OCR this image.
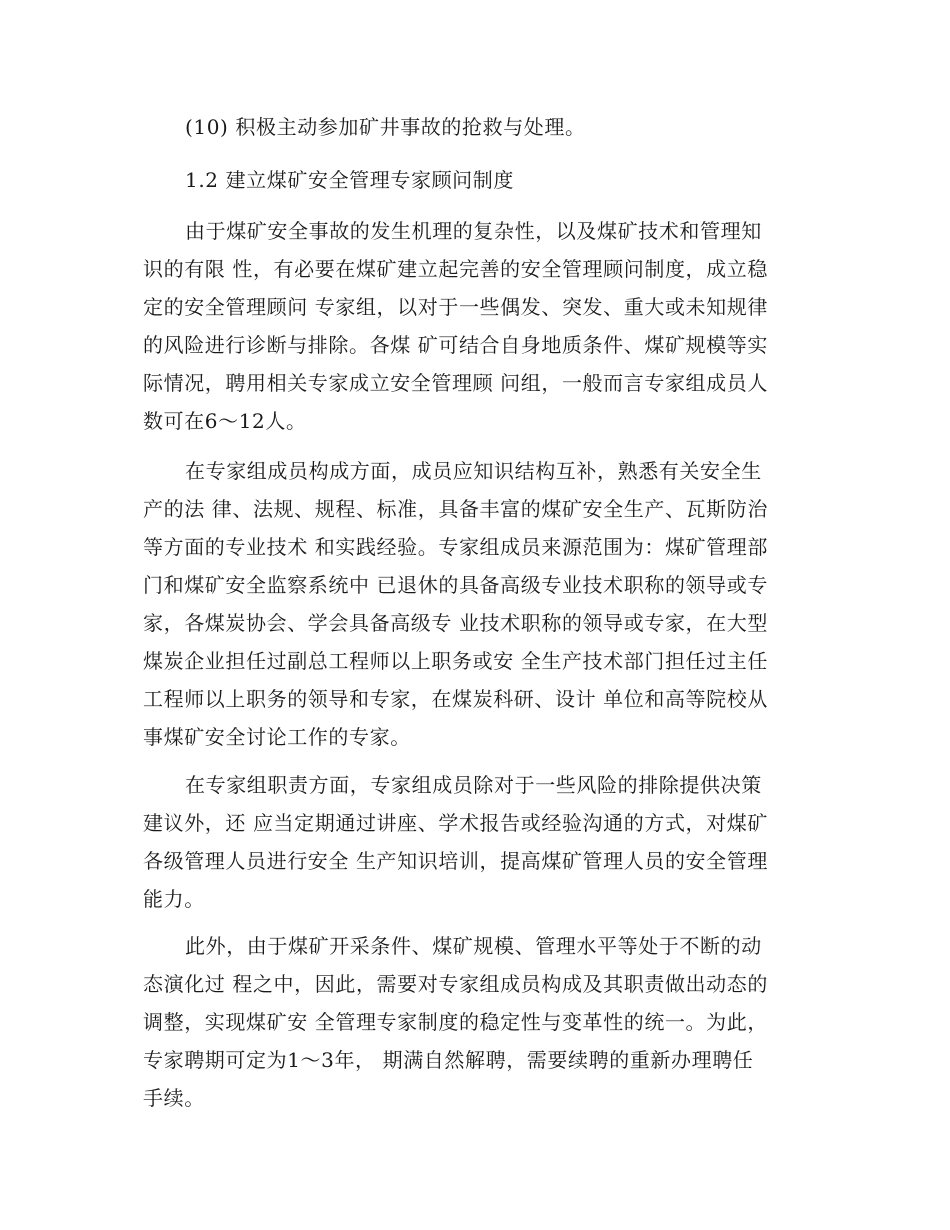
(10) 积极主动参加矿井事故的抢救与处理。
1.2 建立煤矿安全管理专家顾问制度
由于煤矿安全事故的发生机理的复杂性，以及煤矿技术和管理知
识的有限 性，有必要在煤矿建立起完善的安全管理顾问制度，成立稳
定的安全管理顾问 专家组，以对于一些偶发、突发、重大或未知规律
的风险进行诊断与排除。各煤 矿可结合自身地质条件、煤矿规模等实
际情况，聘用相关专家成立安全管理顾 问组，一般而言专家组成员人
数可在6〜12人。
在专家组成员构成方面，成员应知识结构互补，熟悉有关安全生
产的法 律、法规、规程、标准，具备丰富的煤矿安全生产、瓦斯防治
等方面的专业技术 和实践经验。专家组成员来源范围为：煤矿管理部
门和煤矿安全监察系统中 已退休的具备高级专业技术职称的领导或专
家，各煤炭协会、学会具备高级专 业技术职称的领导或专家，在大型
煤炭企业担任过副总工程师以上职务或安 全生产技术部门担任过主任
工程师以上职务的领导和专家，在煤炭科研、设计 单位和高等院校从
事煤矿安全讨论工作的专家。
在专家组职责方面，专家组成员除对于一些风险的排除提供决策
建议外，还 应当定期通过讲座、学术报告或经验沟通的方式，对煤矿
各级管理人员进行安全 生产知识培训，提高煤矿管理人员的安全管理
能力。
此外，由于煤矿开采条件、煤矿规模、管理水平等处于不断的动
态演化过 程之中，因此，需要对专家组成员构成及其职责做出动态的
调整，实现煤矿安 全管理专家制度的稳定性与变革性的统一。为此，
专家聘期可定为1〜3年， 期满自然解聘，需要续聘的重新办理聘任
手续。
